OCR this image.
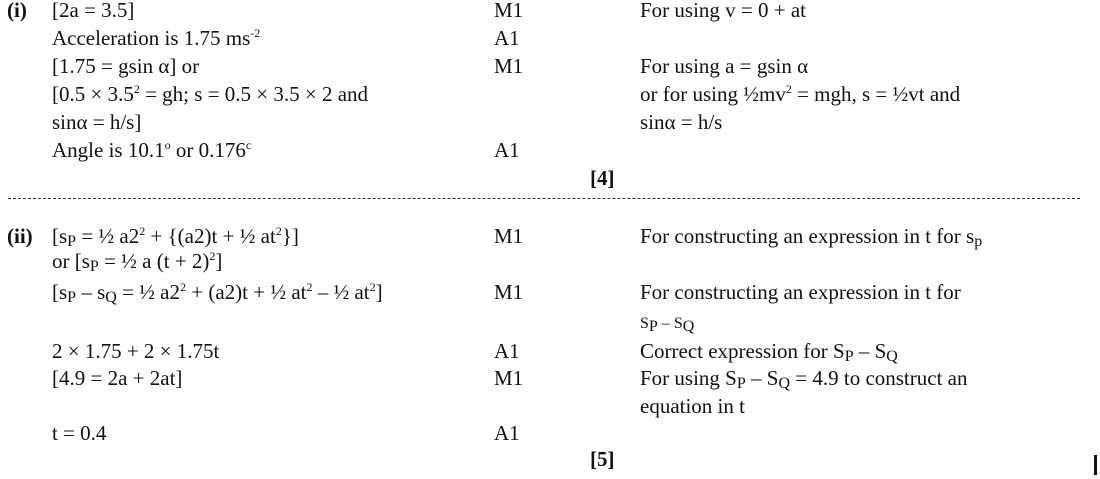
(i) [2a = 3.5]
Acceleration is 1.75 $ms^{-2}$
[1.75 = gsin α] or
[$0.5 \times 3.5^2$ = gh; s = 0.5 × 3.5 × 2 and
sinα = h/s]
Angle is 10.1$^o$ or 0.176$^c$
M1
A1
M1
A1
[4]
For using v = 0 + at
For using a = gsin α
or for using $\frac{1}{2}mv^2$ = mgh, s = ½vt and
sinα = h/s
(ii) [$s_P$ = ½ $a2^2 + \{(a2)t$ + ½ $at^2$}]
or [$s_P$ = ½ a $(t + 2)^2$]
[$s_P - s_Q$ = ½ $a2^2 + (a2)t$ + ½ $at^2$ – ½ $at^2$]
2 × 1.75 + 2 × 1.75t
[4.9 = 2a + 2at]
t = 0.4
M1
M1
A1
M1
A1
[5]
For constructing an expression in t for $s_p$
For constructing an expression in t for
$S_P - S_Q$
Correct expression for $S_P - S_Q$
For using $S_P - S_Q = 4.9$ to construct an
equation in t
